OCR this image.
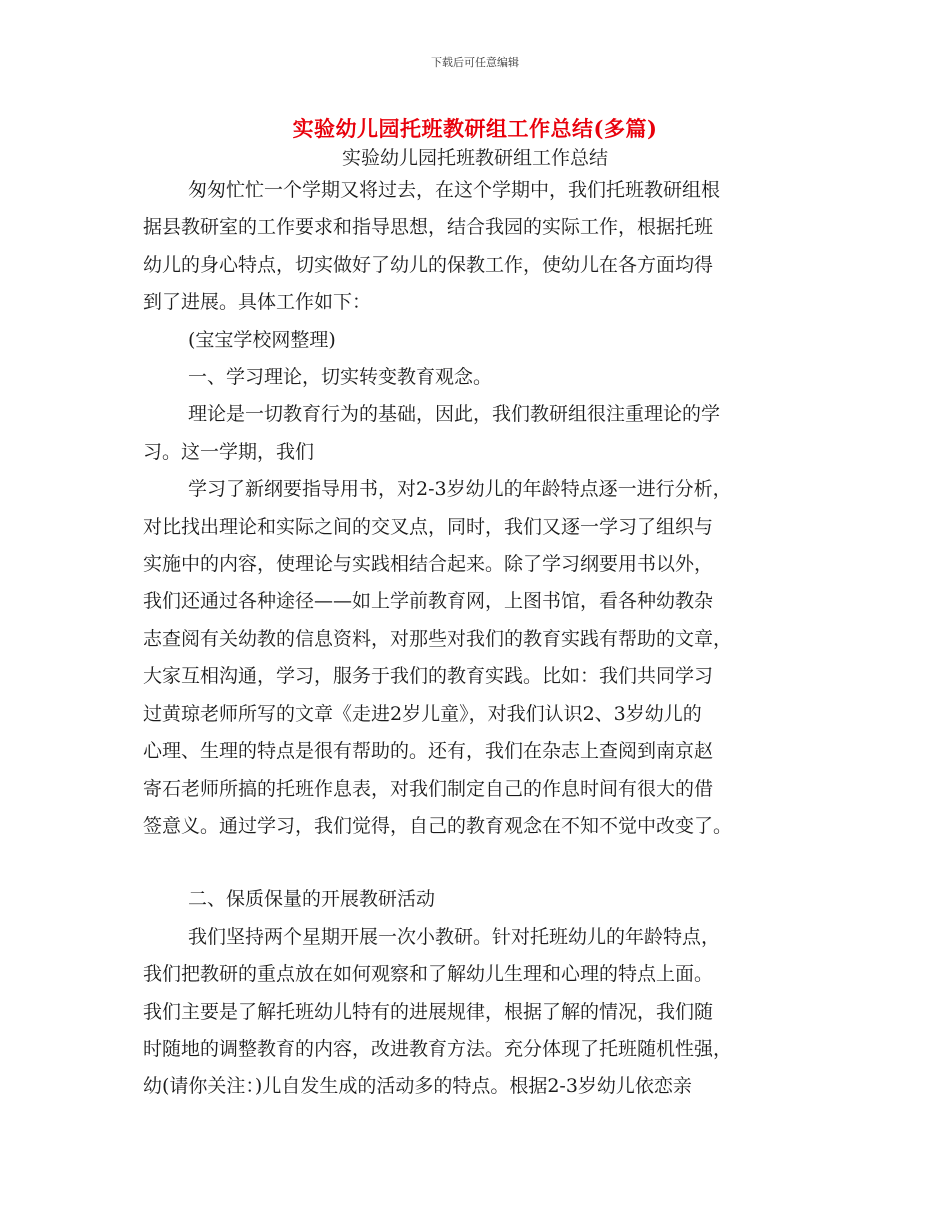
下载后可任意编辑
实验幼儿园托班教研组工作总结(多篇)
实验幼儿园托班教研组工作总结

匆匆忙忙一个学期又将过去，在这个学期中，我们托班教研组根

据县教研室的工作要求和指导思想，结合我园的实际工作，根据托班

幼儿的身心特点，切实做好了幼儿的保教工作，使幼儿在各方面均得

到了进展。具体工作如下：

(宝宝学校网整理)

一、学习理论，切实转变教育观念。

理论是一切教育行为的基础，因此，我们教研组很注重理论的学

习。这一学期，我们

学习了新纲要指导用书，对2-3岁幼儿的年龄特点逐一进行分析，

对比找出理论和实际之间的交叉点，同时，我们又逐一学习了组织与

实施中的内容，使理论与实践相结合起来。除了学习纲要用书以外，

我们还通过各种途径——如上学前教育网，上图书馆，看各种幼教杂

志查阅有关幼教的信息资料，对那些对我们的教育实践有帮助的文章，

大家互相沟通，学习，服务于我们的教育实践。比如：我们共同学习

过黄琼老师所写的文章《走进2岁儿童》，对我们认识2、3岁幼儿的

心理、生理的特点是很有帮助的。还有，我们在杂志上查阅到南京赵

寄石老师所搞的托班作息表，对我们制定自己的作息时间有很大的借

签意义。通过学习，我们觉得，自己的教育观念在不知不觉中改变了。

二、保质保量的开展教研活动

我们坚持两个星期开展一次小教研。针对托班幼儿的年龄特点，

我们把教研的重点放在如何观察和了解幼儿生理和心理的特点上面。

我们主要是了解托班幼儿特有的进展规律，根据了解的情况，我们随

时随地的调整教育的内容，改进教育方法。充分体现了托班随机性强，

幼(请你关注：)儿自发生成的活动多的特点。根据2-3岁幼儿依恋亲
